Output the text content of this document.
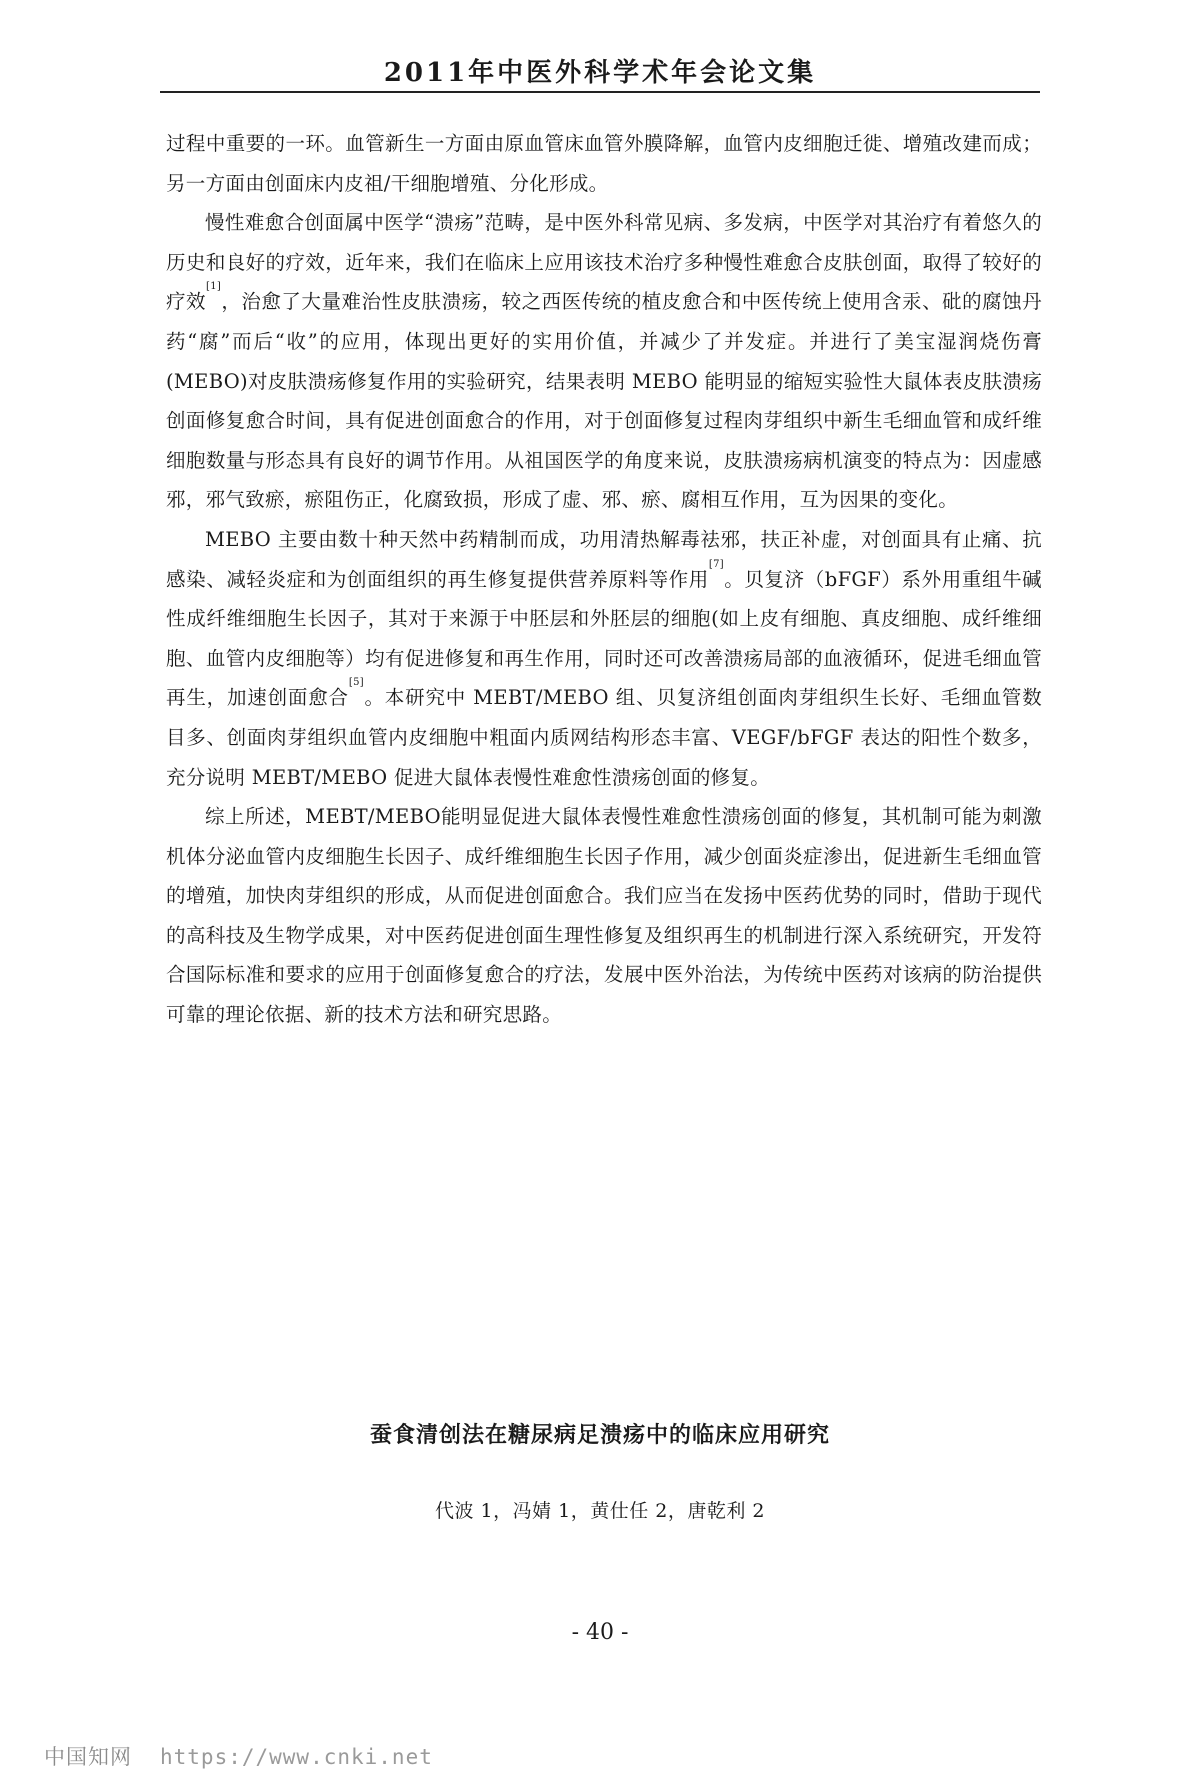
2011年中医外科学术年会论文集

过程中重要的一环。血管新生一方面由原血管床血管外膜降解，血管内皮细胞迁徙、增殖改建而成；另一方面由创面床内皮祖/干细胞增殖、分化形成。

慢性难愈合创面属中医学“溃疡”范畴，是中医外科常见病、多发病，中医学对其治疗有着悠久的历史和良好的疗效，近年来，我们在临床上应用该技术治疗多种慢性难愈合皮肤创面，取得了较好的疗效[1]，治愈了大量难治性皮肤溃疡，较之西医传统的植皮愈合和中医传统上使用含汞、砒的腐蚀丹药“腐”而后“收”的应用，体现出更好的实用价值，并减少了并发症。并进行了美宝湿润烧伤膏(MEBO)对皮肤溃疡修复作用的实验研究，结果表明 MEBO 能明显的缩短实验性大鼠体表皮肤溃疡创面修复愈合时间，具有促进创面愈合的作用，对于创面修复过程肉芽组织中新生毛细血管和成纤维细胞数量与形态具有良好的调节作用。从祖国医学的角度来说，皮肤溃疡病机演变的特点为：因虚感邪，邪气致瘀，瘀阻伤正，化腐致损，形成了虚、邪、瘀、腐相互作用，互为因果的变化。

MEBO 主要由数十种天然中药精制而成，功用清热解毒祛邪，扶正补虚，对创面具有止痛、抗感染、减轻炎症和为创面组织的再生修复提供营养原料等作用[7]。贝复济（bFGF）系外用重组牛碱性成纤维细胞生长因子，其对于来源于中胚层和外胚层的细胞(如上皮有细胞、真皮细胞、成纤维细胞、血管内皮细胞等）均有促进修复和再生作用，同时还可改善溃疡局部的血液循环，促进毛细血管再生，加速创面愈合[5]。本研究中 MEBT/MEBO 组、贝复济组创面肉芽组织生长好、毛细血管数目多、创面肉芽组织血管内皮细胞中粗面内质网结构形态丰富、VEGF/bFGF 表达的阳性个数多，充分说明 MEBT/MEBO 促进大鼠体表慢性难愈性溃疡创面的修复。

综上所述，MEBT/MEBO能明显促进大鼠体表慢性难愈性溃疡创面的修复，其机制可能为刺激机体分泌血管内皮细胞生长因子、成纤维细胞生长因子作用，减少创面炎症渗出，促进新生毛细血管的增殖，加快肉芽组织的形成，从而促进创面愈合。我们应当在发扬中医药优势的同时，借助于现代的高科技及生物学成果，对中医药促进创面生理性修复及组织再生的机制进行深入系统研究，开发符合国际标准和要求的应用于创面修复愈合的疗法，发展中医外治法，为传统中医药对该病的防治提供可靠的理论依据、新的技术方法和研究思路。

蚕食清创法在糖尿病足溃疡中的临床应用研究
代波 1，冯婧 1，黄仕任 2，唐乾利 2
- 40 -
中国知网 https://www.cnki.net
